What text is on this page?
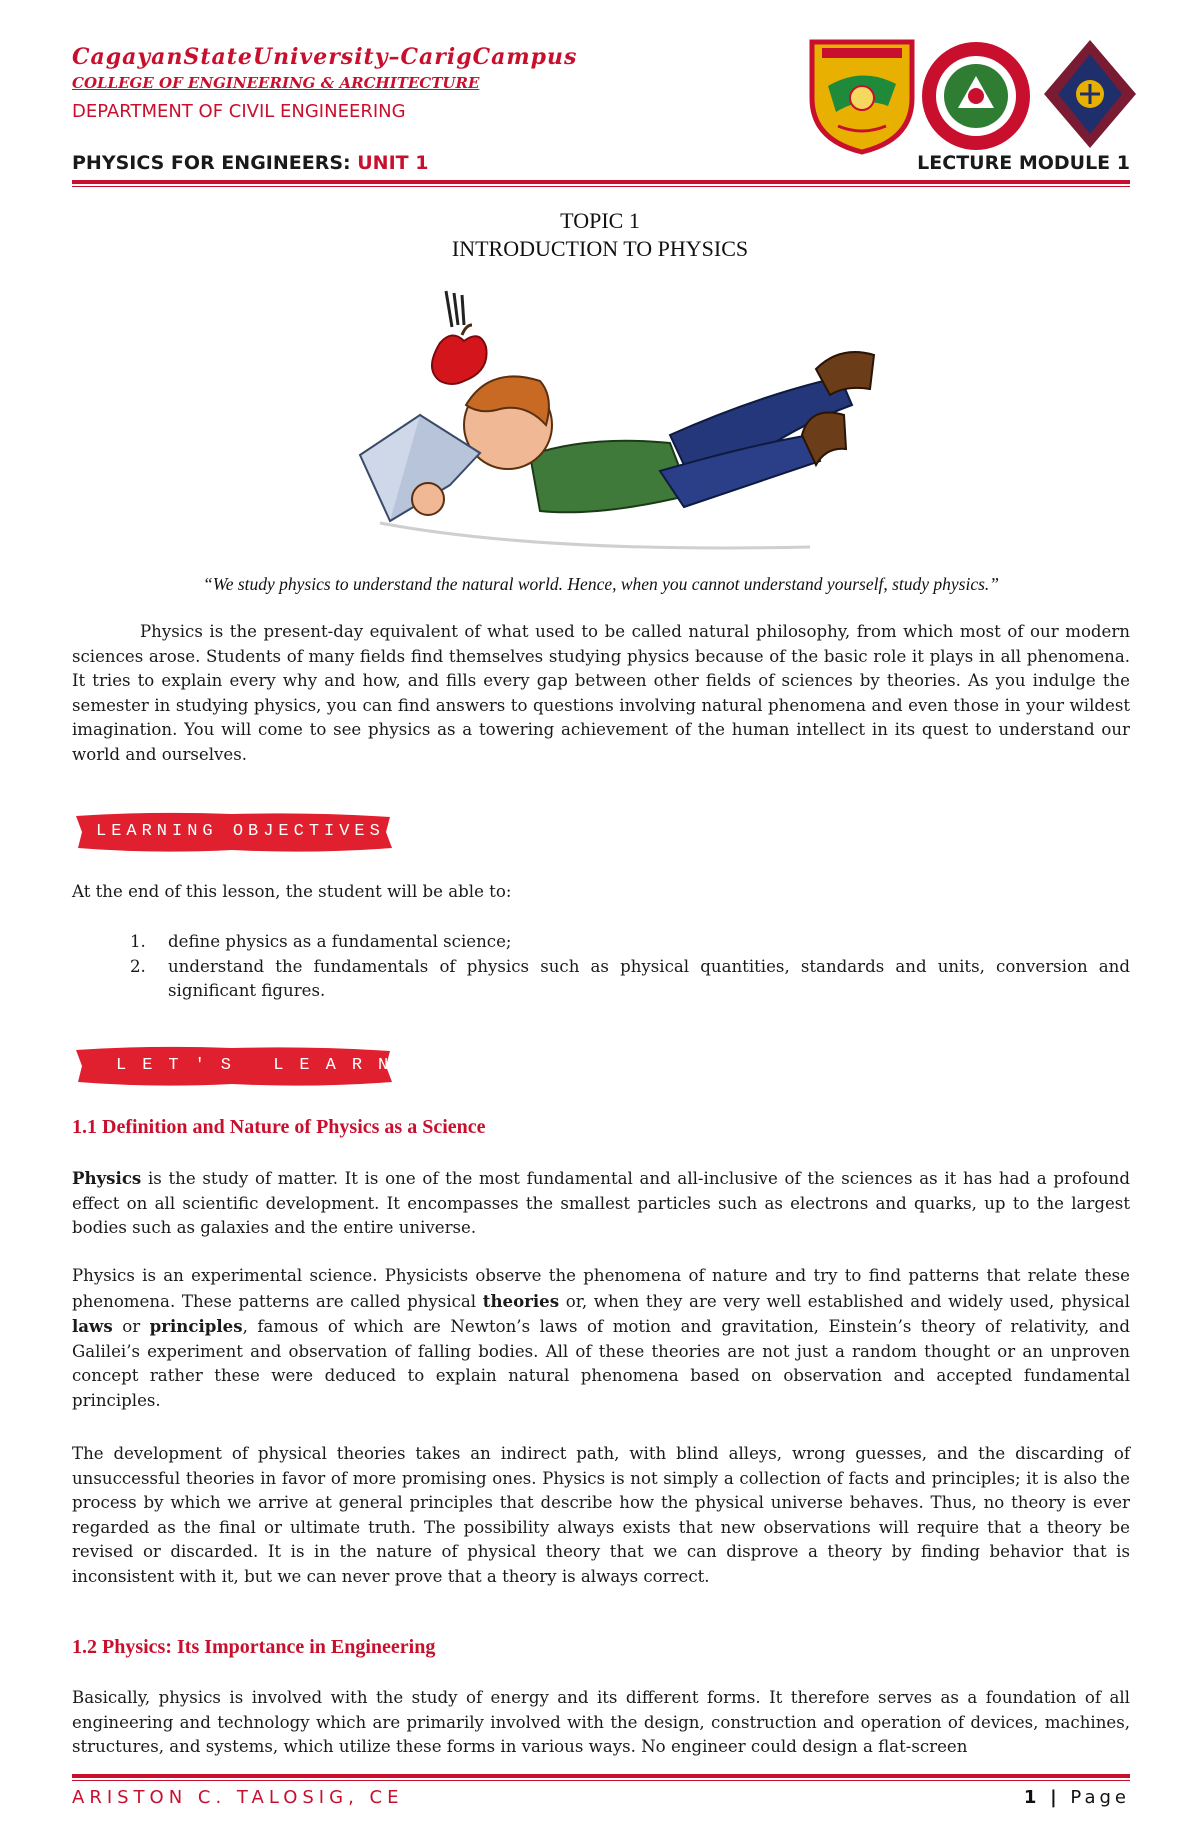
CagayanStateUniversity–CarigCampus
COLLEGE OF ENGINEERING & ARCHITECTURE
DEPARTMENT OF CIVIL ENGINEERING
PHYSICS FOR ENGINEERS: UNIT 1	LECTURE MODULE 1
TOPIC 1
INTRODUCTION TO PHYSICS
“We study physics to understand the natural world. Hence, when you cannot understand yourself, study physics.”
Physics is the present-day equivalent of what used to be called natural philosophy, from which most of our modern sciences arose. Students of many fields find themselves studying physics because of the basic role it plays in all phenomena. It tries to explain every why and how, and fills every gap between other fields of sciences by theories. As you indulge the semester in studying physics, you can find answers to questions involving natural phenomena and even those in your wildest imagination. You will come to see physics as a towering achievement of the human intellect in its quest to understand our world and ourselves.
LEARNING OBJECTIVES
At the end of this lesson, the student will be able to:
1. define physics as a fundamental science;
2. understand the fundamentals of physics such as physical quantities, standards and units, conversion and significant figures.
LET'S LEARN!
1.1 Definition and Nature of Physics as a Science
Physics is the study of matter. It is one of the most fundamental and all-inclusive of the sciences as it has had a profound effect on all scientific development. It encompasses the smallest particles such as electrons and quarks, up to the largest bodies such as galaxies and the entire universe.
Physics is an experimental science. Physicists observe the phenomena of nature and try to find patterns that relate these phenomena. These patterns are called physical theories or, when they are very well established and widely used, physical laws or principles, famous of which are Newton’s laws of motion and gravitation, Einstein’s theory of relativity, and Galilei’s experiment and observation of falling bodies. All of these theories are not just a random thought or an unproven concept rather these were deduced to explain natural phenomena based on observation and accepted fundamental principles.
The development of physical theories takes an indirect path, with blind alleys, wrong guesses, and the discarding of unsuccessful theories in favor of more promising ones. Physics is not simply a collection of facts and principles; it is also the process by which we arrive at general principles that describe how the physical universe behaves. Thus, no theory is ever regarded as the final or ultimate truth. The possibility always exists that new observations will require that a theory be revised or discarded. It is in the nature of physical theory that we can disprove a theory by finding behavior that is inconsistent with it, but we can never prove that a theory is always correct.
1.2 Physics: Its Importance in Engineering
Basically, physics is involved with the study of energy and its different forms. It therefore serves as a foundation of all engineering and technology which are primarily involved with the design, construction and operation of devices, machines, structures, and systems, which utilize these forms in various ways. No engineer could design a flat-screen
ARISTON C. TALOSIG, CE	1 | Page
